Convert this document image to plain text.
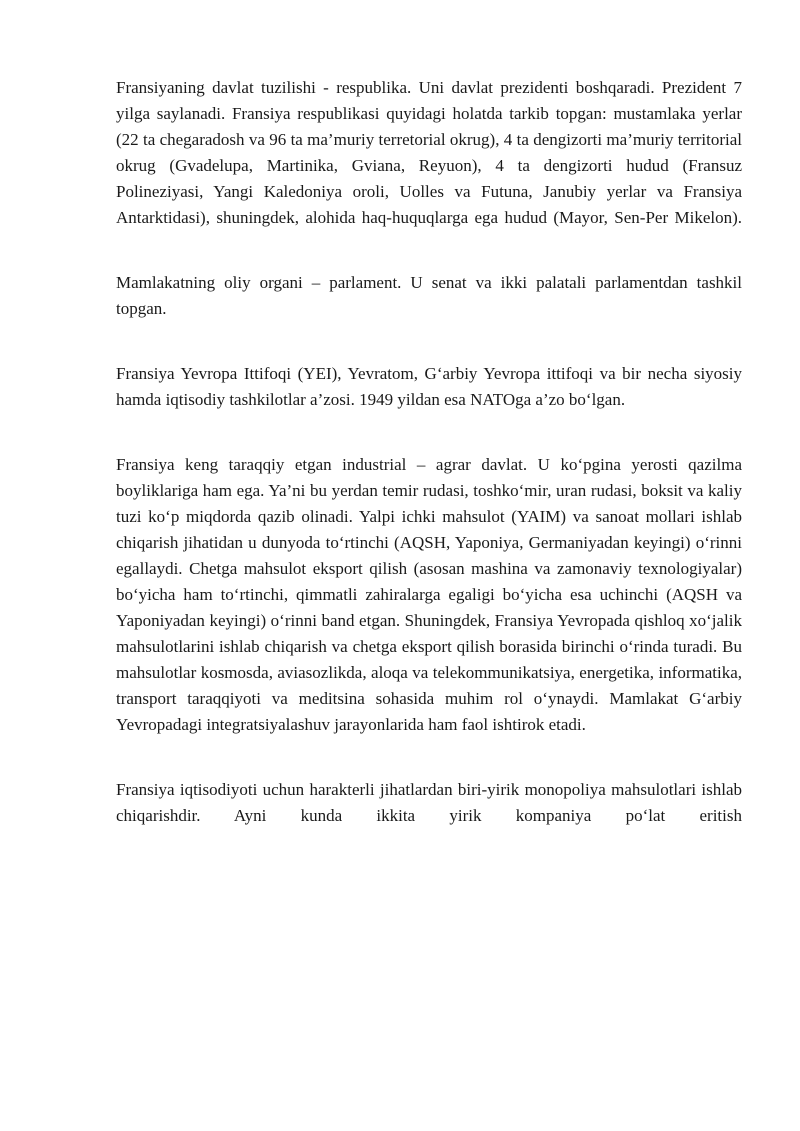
Fransiyaning davlat tuzilishi - respublika. Uni davlat prezidenti boshqaradi. Prezident 7 yilga saylanadi. Fransiya respublikasi quyidagi holatda tarkib topgan: mustamlaka yerlar (22 ta chegaradosh va 96 ta ma’muriy terretorial okrug), 4 ta dengizorti ma’muriy territorial okrug (Gvadelupa, Martinika, Gviana, Reyuon), 4 ta dengizorti hudud (Fransuz Polineziyasi, Yangi Kaledoniya oroli, Uolles va Futuna, Janubiy yerlar va Fransiya Antarktidasi), shuningdek, alohida haq-huquqlarga ega hudud (Mayor, Sen-Per Mikelon).

Mamlakatning oliy organi – parlament. U senat va ikki palatali parlamentdan tashkil topgan.

Fransiya Yevropa Ittifoqi (YEI), Yevratom, G‘arbiy Yevropa ittifoqi va bir necha siyosiy hamda iqtisodiy tashkilotlar a’zosi. 1949 yildan esa NATOga a’zo bo‘lgan.

Fransiya keng taraqqiy etgan industrial – agrar davlat. U ko‘pgina yerosti qazilma boyliklariga ham ega. Ya’ni bu yerdan temir rudasi, toshko‘mir, uran rudasi, boksit va kaliy tuzi ko‘p miqdorda qazib olinadi. Yalpi ichki mahsulot (YAIM) va sanoat mollari ishlab chiqarish jihatidan u dunyoda to‘rtinchi (AQSH, Yaponiya, Germaniyadan keyingi) o‘rinni egallaydi. Chetga mahsulot eksport qilish (asosan mashina va zamonaviy texnologiyalar) bo‘yicha ham to‘rtinchi, qimmatli zahiralarga egaligi bo‘yicha esa uchinchi (AQSH va Yaponiyadan keyingi) o‘rinni band etgan. Shuningdek, Fransiya Yevropada qishloq xo‘jalik mahsulotlarini ishlab chiqarish va chetga eksport qilish borasida birinchi o‘rinda turadi. Bu mahsulotlar kosmosda, aviasozlikda, aloqa va telekommunikatsiya, energetika, informatika, transport taraqqiyoti va meditsina sohasida muhim rol o‘ynaydi. Mamlakat G‘arbiy Yevropadagi integratsiyalashuv jarayonlarida ham faol ishtirok etadi.

Fransiya iqtisodiyoti uchun harakterli jihatlardan biri-yirik monopoliya mahsulotlari ishlab chiqarishdir. Ayni kunda ikkita yirik kompaniya po‘lat eritish
